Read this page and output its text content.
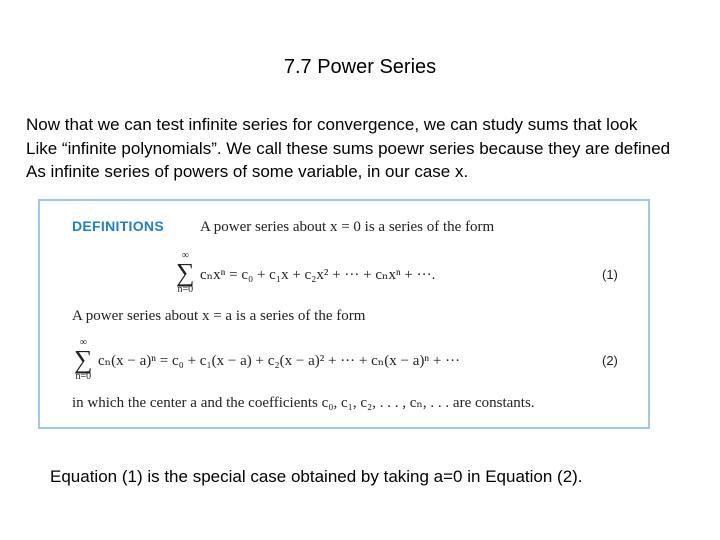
7.7 Power Series
Now that we can test infinite series for convergence, we can study sums that look
Like “infinite polynomials”. We call these sums poewr series because they are defined
As infinite series of powers of some variable, in our case x.
DEFINITIONS A power series about x = 0 is a series of the form
∞
∑
n=0
cₙxⁿ = c₀ + c₁x + c₂x² + ··· + cₙxⁿ + ···.	(1)
A power series about x = a is a series of the form
∞
∑
n=0
cₙ(x − a)ⁿ = c₀ + c₁(x − a) + c₂(x − a)² + ··· + cₙ(x − a)ⁿ + ···	(2)
in which the center a and the coefficients c₀, c₁, c₂, . . . , cₙ, . . . are constants.
Equation (1) is the special case obtained by taking a=0 in Equation (2).
